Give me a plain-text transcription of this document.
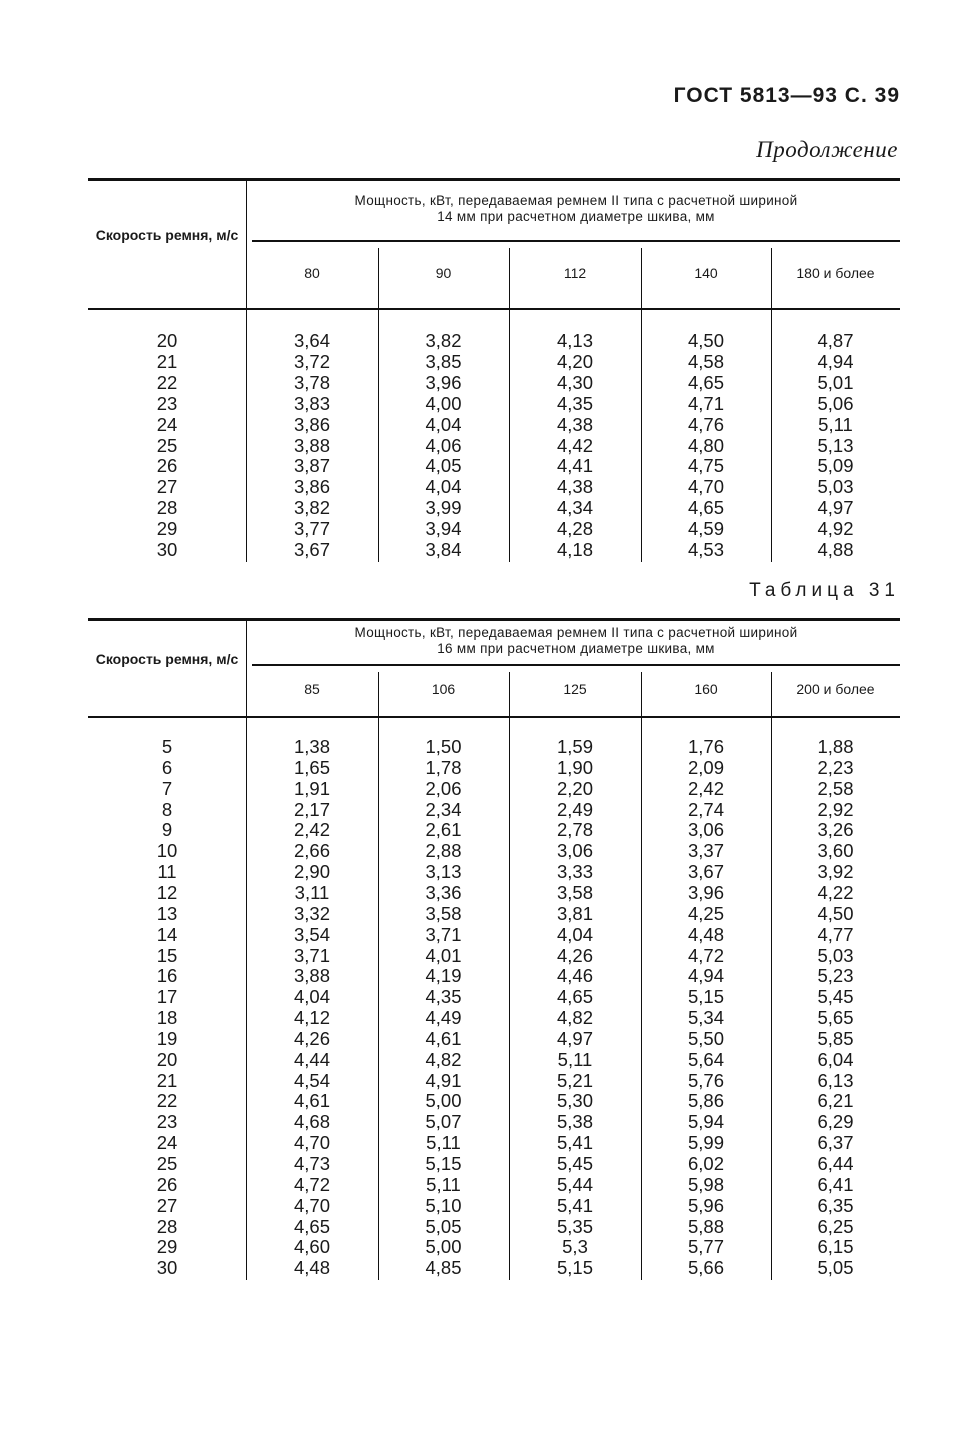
ГОСТ 5813—93 С. 39
Продолжение
Таблица 31
Скорость ремня, м/с
Мощность, кВт, передаваемая ремнем II типа с расчетной шириной
14 мм при расчетном диаметре шкива, мм
80	90	112	140	180 и более
20	3,64	3,82	4,13	4,50	4,87
21	3,72	3,85	4,20	4,58	4,94
22	3,78	3,96	4,30	4,65	5,01
23	3,83	4,00	4,35	4,71	5,06
24	3,86	4,04	4,38	4,76	5,11
25	3,88	4,06	4,42	4,80	5,13
26	3,87	4,05	4,41	4,75	5,09
27	3,86	4,04	4,38	4,70	5,03
28	3,82	3,99	4,34	4,65	4,97
29	3,77	3,94	4,28	4,59	4,92
30	3,67	3,84	4,18	4,53	4,88
Скорость ремня, м/с
Мощность, кВт, передаваемая ремнем II типа с расчетной шириной
16 мм при расчетном диаметре шкива, мм
85	106	125	160	200 и более
5	1,38	1,50	1,59	1,76	1,88
6	1,65	1,78	1,90	2,09	2,23
7	1,91	2,06	2,20	2,42	2,58
8	2,17	2,34	2,49	2,74	2,92
9	2,42	2,61	2,78	3,06	3,26
10	2,66	2,88	3,06	3,37	3,60
11	2,90	3,13	3,33	3,67	3,92
12	3,11	3,36	3,58	3,96	4,22
13	3,32	3,58	3,81	4,25	4,50
14	3,54	3,71	4,04	4,48	4,77
15	3,71	4,01	4,26	4,72	5,03
16	3,88	4,19	4,46	4,94	5,23
17	4,04	4,35	4,65	5,15	5,45
18	4,12	4,49	4,82	5,34	5,65
19	4,26	4,61	4,97	5,50	5,85
20	4,44	4,82	5,11	5,64	6,04
21	4,54	4,91	5,21	5,76	6,13
22	4,61	5,00	5,30	5,86	6,21
23	4,68	5,07	5,38	5,94	6,29
24	4,70	5,11	5,41	5,99	6,37
25	4,73	5,15	5,45	6,02	6,44
26	4,72	5,11	5,44	5,98	6,41
27	4,70	5,10	5,41	5,96	6,35
28	4,65	5,05	5,35	5,88	6,25
29	4,60	5,00	5,3	5,77	6,15
30	4,48	4,85	5,15	5,66	5,05
